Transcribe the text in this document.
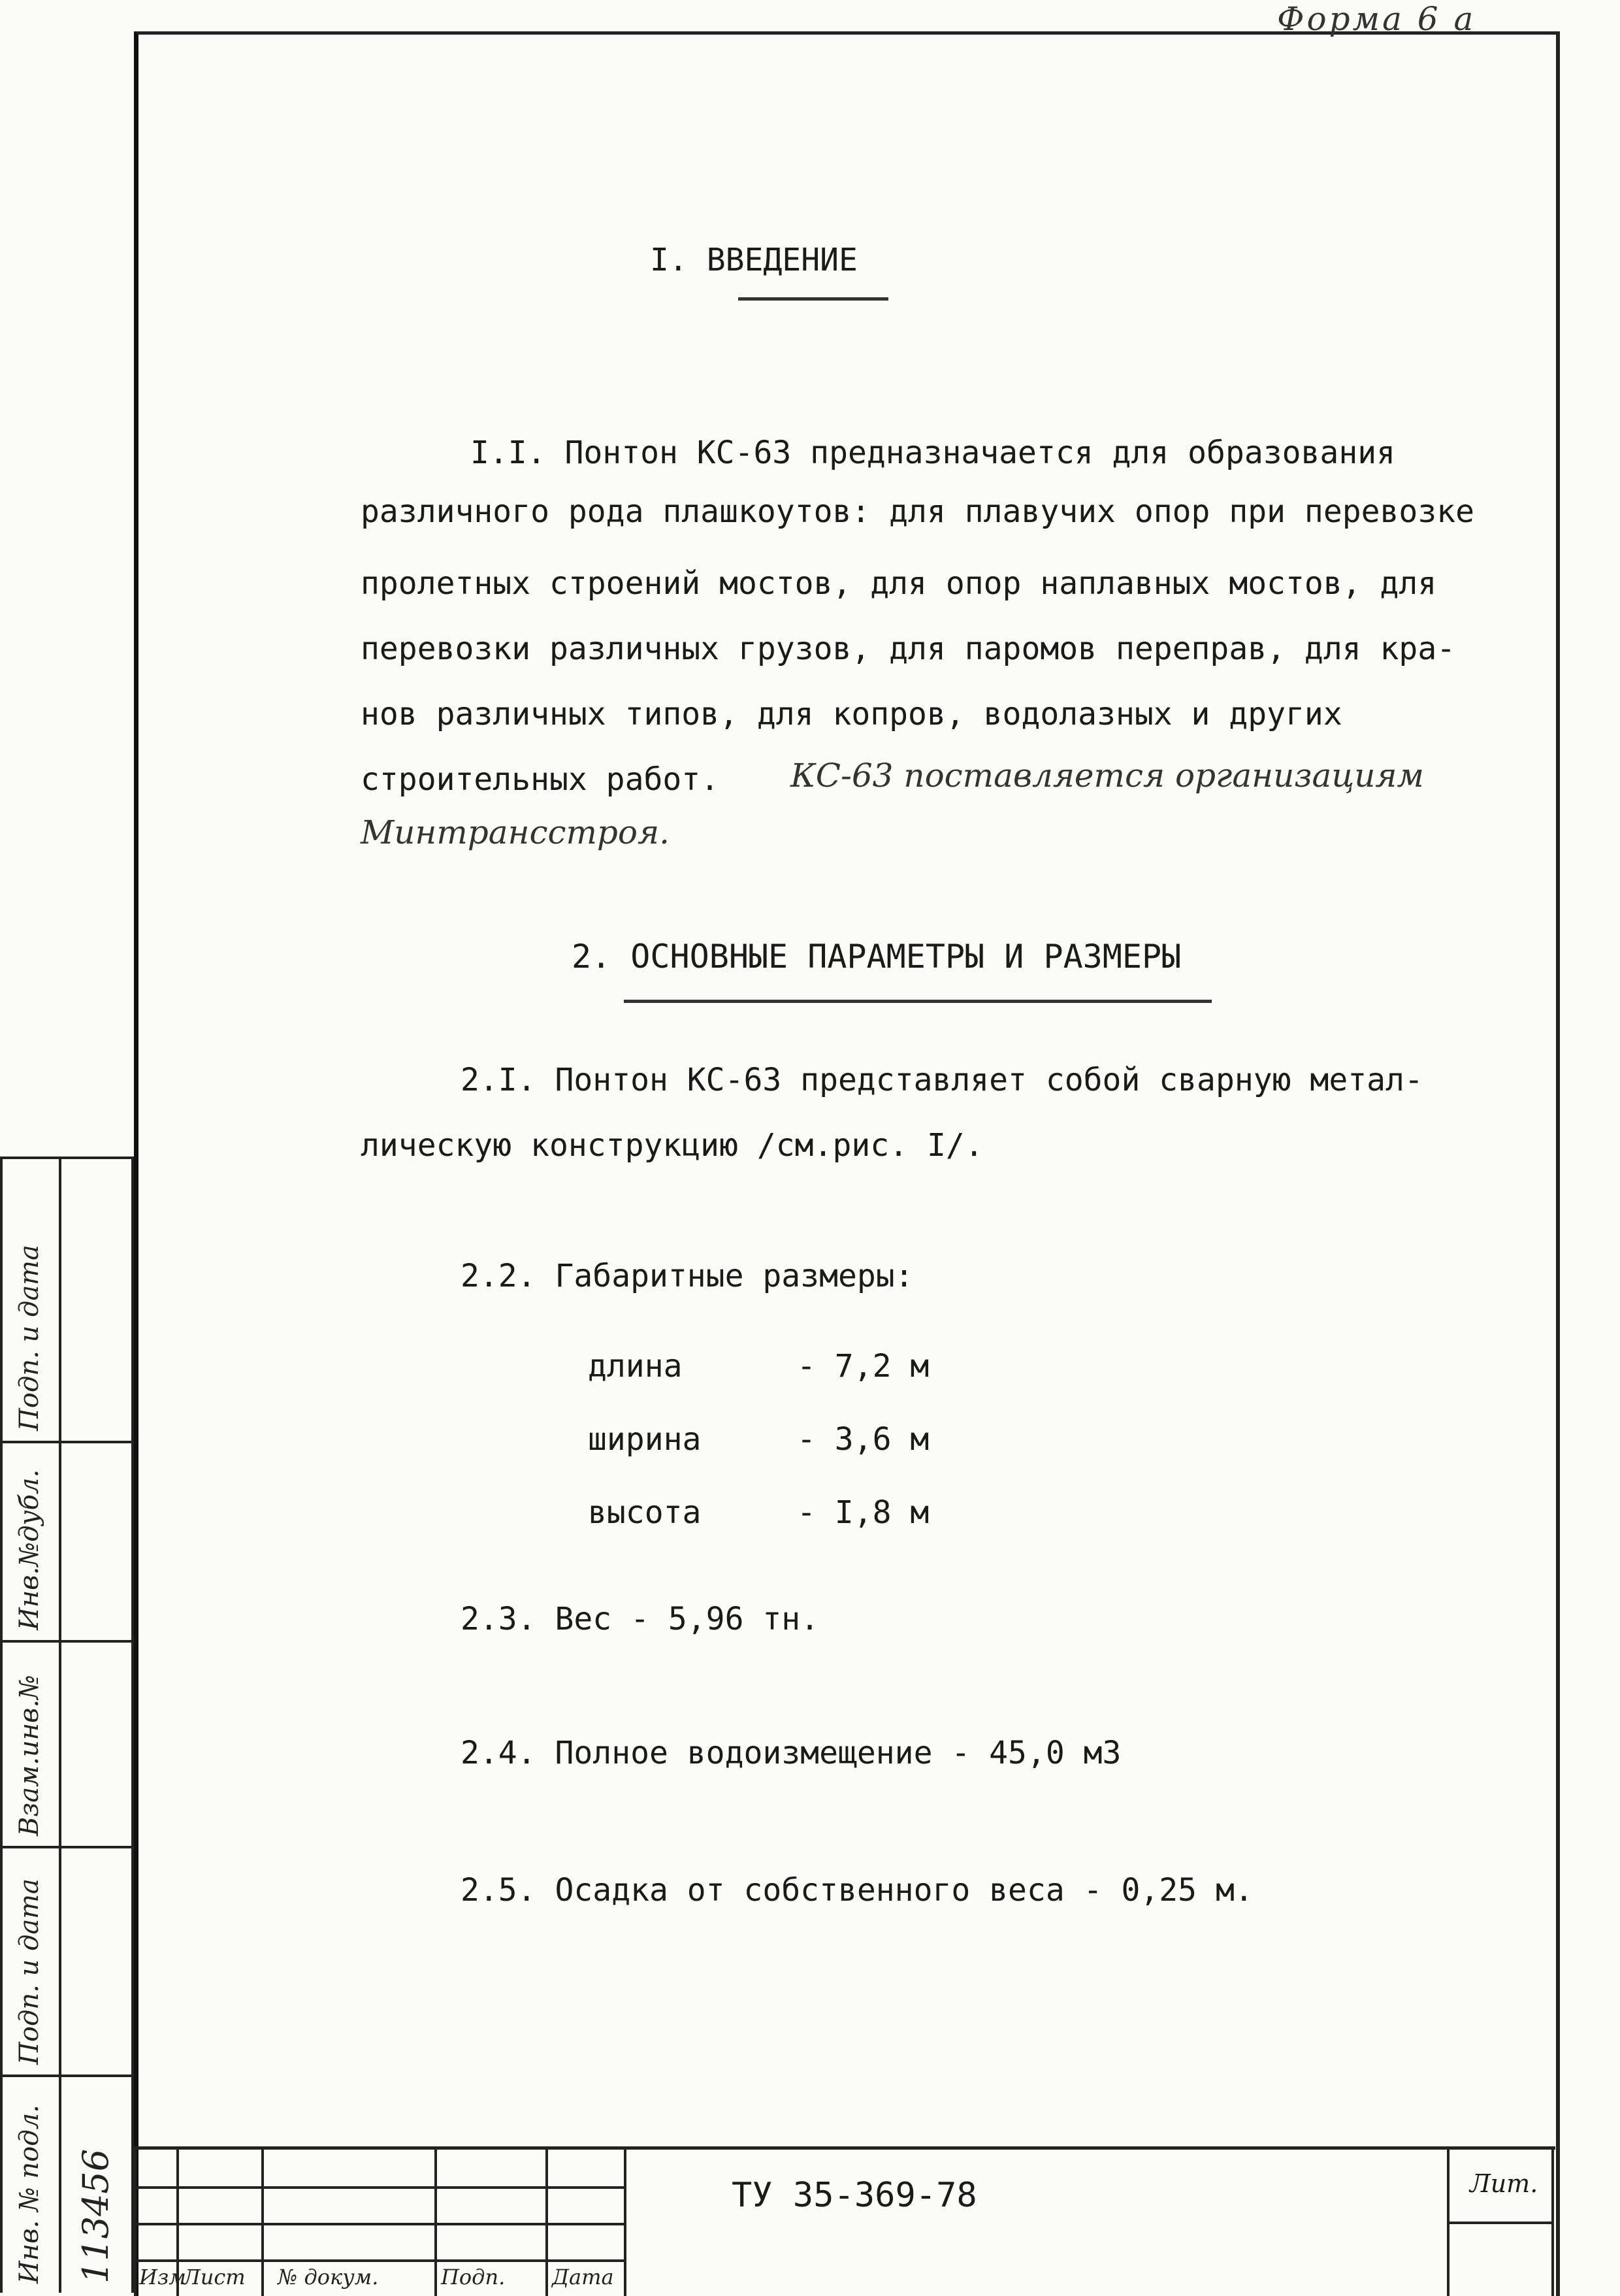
Форма 6 а
I. ВВЕДЕНИЕ
I.I. Понтон КС-63 предназначается для образования
различного рода плашкоутов: для плавучих опор при перевозке
пролетных строений мостов, для опор наплавных мостов, для
перевозки различных грузов, для паромов переправ, для кра-
нов различных типов, для копров, водолазных и других
строительных работ. КС-63 поставляется организациям
Минтрансстроя.
2. ОСНОВНЫЕ ПАРАМЕТРЫ И РАЗМЕРЫ
2.I. Понтон КС-63 представляет собой сварную метал-
лическую конструкцию /см.рис. I/.
2.2. Габаритные размеры:
длина	- 7,2 м
ширина	- 3,6 м
высота	- I,8 м
2.3. Вес - 5,96 тн.
2.4. Полное водоизмещение - 45,0 м3
2.5. Осадка от собственного веса - 0,25 м.
Инв. № подл.
Подп. и дата
Взам.инв.№
Инв.№дубл.
Подп. и дата
113456 Изм
Лист № докум.	Подп. Дата
ТУ 35-369-78	Лит.
